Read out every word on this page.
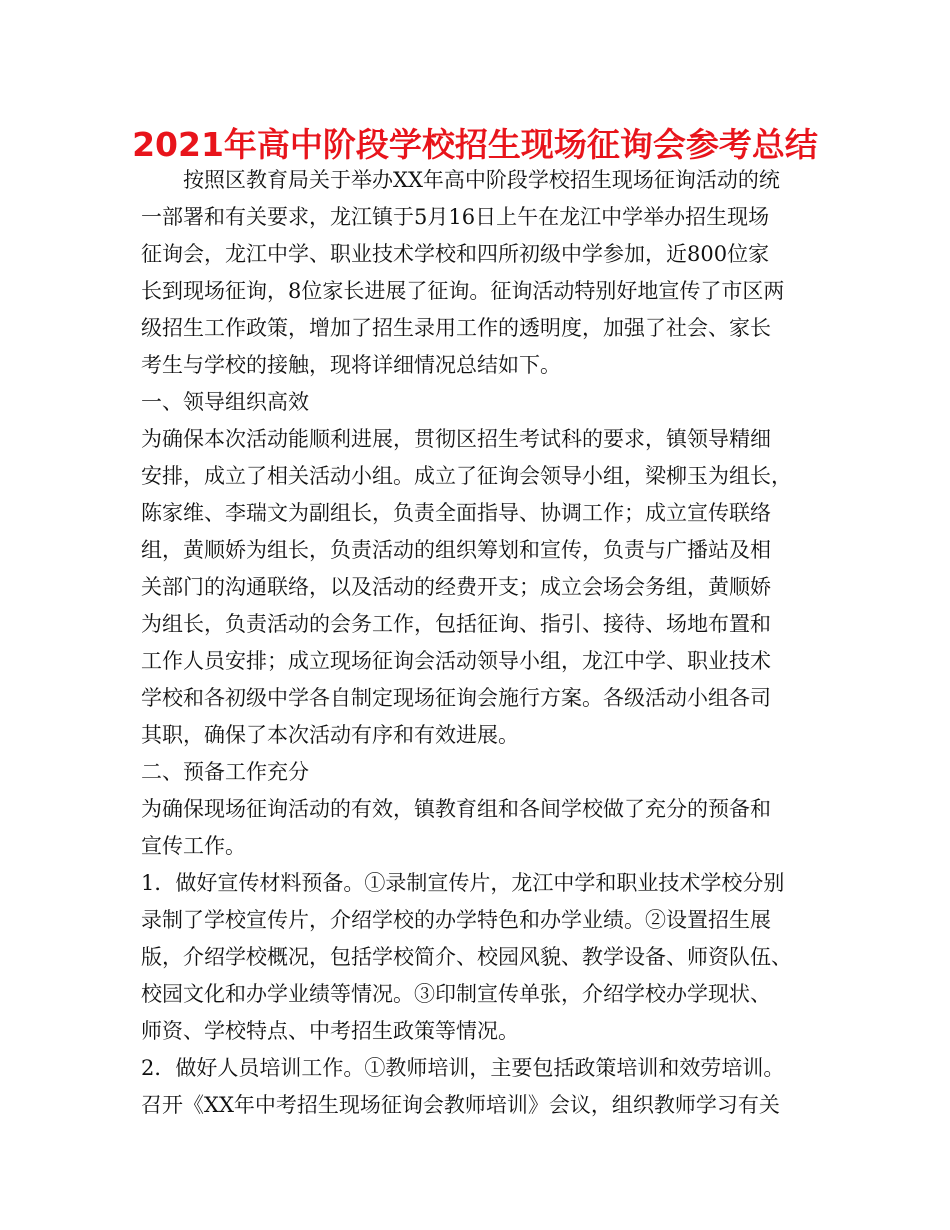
2021年高中阶段学校招生现场征询会参考总结
　　按照区教育局关于举办XX年高中阶段学校招生现场征询活动的统
一部署和有关要求，龙江镇于5月16日上午在龙江中学举办招生现场
征询会，龙江中学、职业技术学校和四所初级中学参加，近800位家
长到现场征询，8位家长进展了征询。征询活动特别好地宣传了市区两
级招生工作政策，增加了招生录用工作的透明度，加强了社会、家长
考生与学校的接触，现将详细情况总结如下。
一、领导组织高效
为确保本次活动能顺利进展，贯彻区招生考试科的要求，镇领导精细
安排，成立了相关活动小组。成立了征询会领导小组，梁柳玉为组长，
陈家维、李瑞文为副组长，负责全面指导、协调工作；成立宣传联络
组，黄顺娇为组长，负责活动的组织筹划和宣传，负责与广播站及相
关部门的沟通联络，以及活动的经费开支；成立会场会务组，黄顺娇
为组长，负责活动的会务工作，包括征询、指引、接待、场地布置和
工作人员安排；成立现场征询会活动领导小组，龙江中学、职业技术
学校和各初级中学各自制定现场征询会施行方案。各级活动小组各司
其职，确保了本次活动有序和有效进展。
二、预备工作充分
为确保现场征询活动的有效，镇教育组和各间学校做了充分的预备和
宣传工作。
1．做好宣传材料预备。①录制宣传片，龙江中学和职业技术学校分别
录制了学校宣传片，介绍学校的办学特色和办学业绩。②设置招生展
版，介绍学校概况，包括学校简介、校园风貌、教学设备、师资队伍、
校园文化和办学业绩等情况。③印制宣传单张，介绍学校办学现状、
师资、学校特点、中考招生政策等情况。
2．做好人员培训工作。①教师培训，主要包括政策培训和效劳培训。
召开《XX年中考招生现场征询会教师培训》会议，组织教师学习有关
